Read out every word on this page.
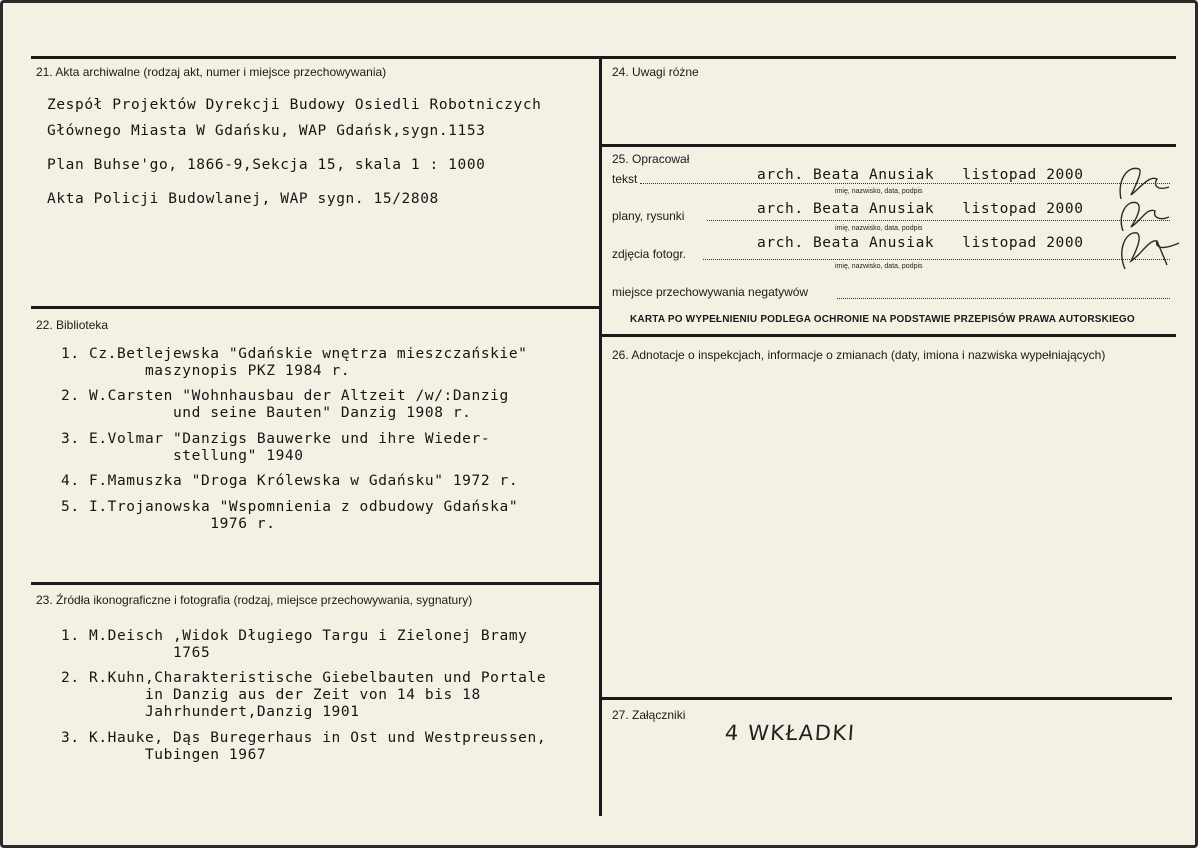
21. Akta archiwalne (rodzaj akt, numer i miejsce przechowywania)
Zespół Projektów Dyrekcji Budowy Osiedli Robotniczych
Głównego Miasta W Gdańsku, WAP Gdańsk,sygn.1153
Plan Buhse'go, 1866-9,Sekcja 15, skala 1 : 1000
Akta Policji Budowlanej, WAP sygn. 15/2808
22. Biblioteka
1. Cz.Betlejewska "Gdańskie wnętrza mieszczańskie"
maszynopis PKZ 1984 r.
2. W.Carsten "Wohnhausbau der Altzeit /w/:Danzig
und seine Bauten" Danzig 1908 r.
3. E.Volmar "Danzigs Bauwerke und ihre Wieder-
stellung" 1940
4. F.Mamuszka "Droga Królewska w Gdańsku" 1972 r.
5. I.Trojanowska "Wspomnienia z odbudowy Gdańska"
1976 r.
23. Źródła ikonograficzne i fotografia (rodzaj, miejsce przechowywania, sygnatury)
1. M.Deisch ,Widok Długiego Targu i Zielonej Bramy
1765
2. R.Kuhn,Charakteristische Giebelbauten und Portale
in Danzig aus der Zeit von 14 bis 18
Jahrhundert,Danzig 1901
3. K.Hauke, Dąs Buregerhaus in Ost und Westpreussen,
Tubingen 1967
24. Uwagi różne
25. Opracował
tekst	arch. Beata Anusiak   listopad 2000
imię, nazwisko, data, podpis
plany, rysunki	arch. Beata Anusiak   listopad 2000
imię, nazwisko, data, podpis
zdjęcia fotogr.
arch. Beata Anusiak   listopad 2000
imię, nazwisko, data, podpis
miejsce przechowywania negatywów
KARTA PO WYPEŁNIENIU PODLEGA OCHRONIE NA PODSTAWIE PRZEPISÓW PRAWA AUTORSKIEGO
26. Adnotacje o inspekcjach, informacje o zmianach (daty, imiona i nazwiska wypełniających)
27. Załączniki
4 WKŁADKI
